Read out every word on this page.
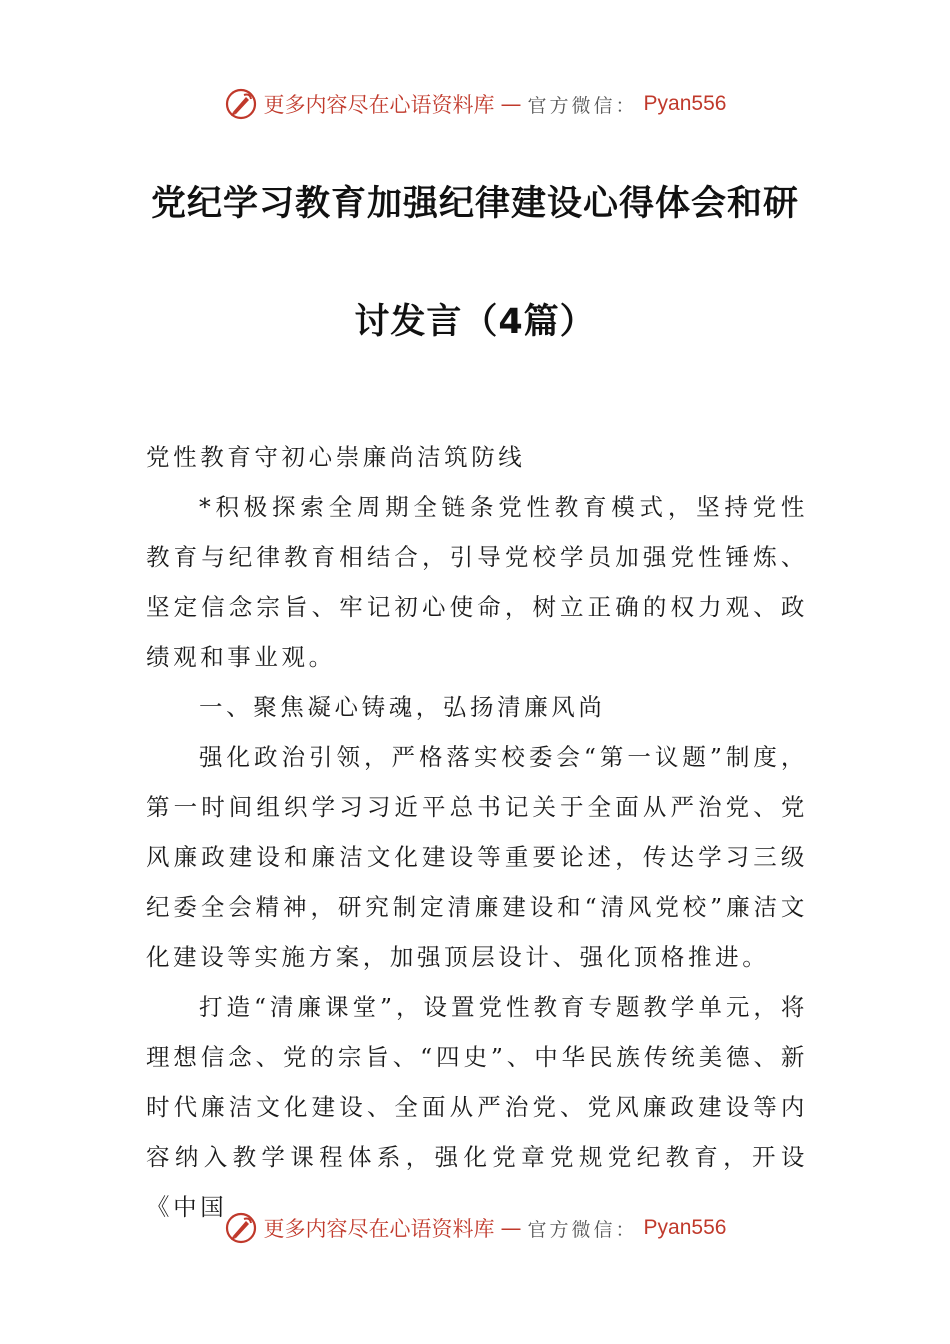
更多内容尽在心语资料库 — 官方微信： Pyan556
党纪学习教育加强纪律建设心得体会和研
讨发言（4篇）

党性教育守初心崇廉尚洁筑防线

*积极探索全周期全链条党性教育模式，坚持党性教育与纪律教育相结合，引导党校学员加强党性锤炼、坚定信念宗旨、牢记初心使命，树立正确的权力观、政绩观和事业观。

一、聚焦凝心铸魂，弘扬清廉风尚

强化政治引领，严格落实校委会“第一议题”制度，第一时间组织学习习近平总书记关于全面从严治党、党风廉政建设和廉洁文化建设等重要论述，传达学习三级纪委全会精神，研究制定清廉建设和“清风党校”廉洁文化建设等实施方案，加强顶层设计、强化顶格推进。

打造“清廉课堂”，设置党性教育专题教学单元，将理想信念、党的宗旨、“四史”、中华民族传统美德、新时代廉洁文化建设、全面从严治党、党风廉政建设等内容纳入教学课程体系，强化党章党规党纪教育，开设《中国

更多内容尽在心语资料库 — 官方微信： Pyan556
